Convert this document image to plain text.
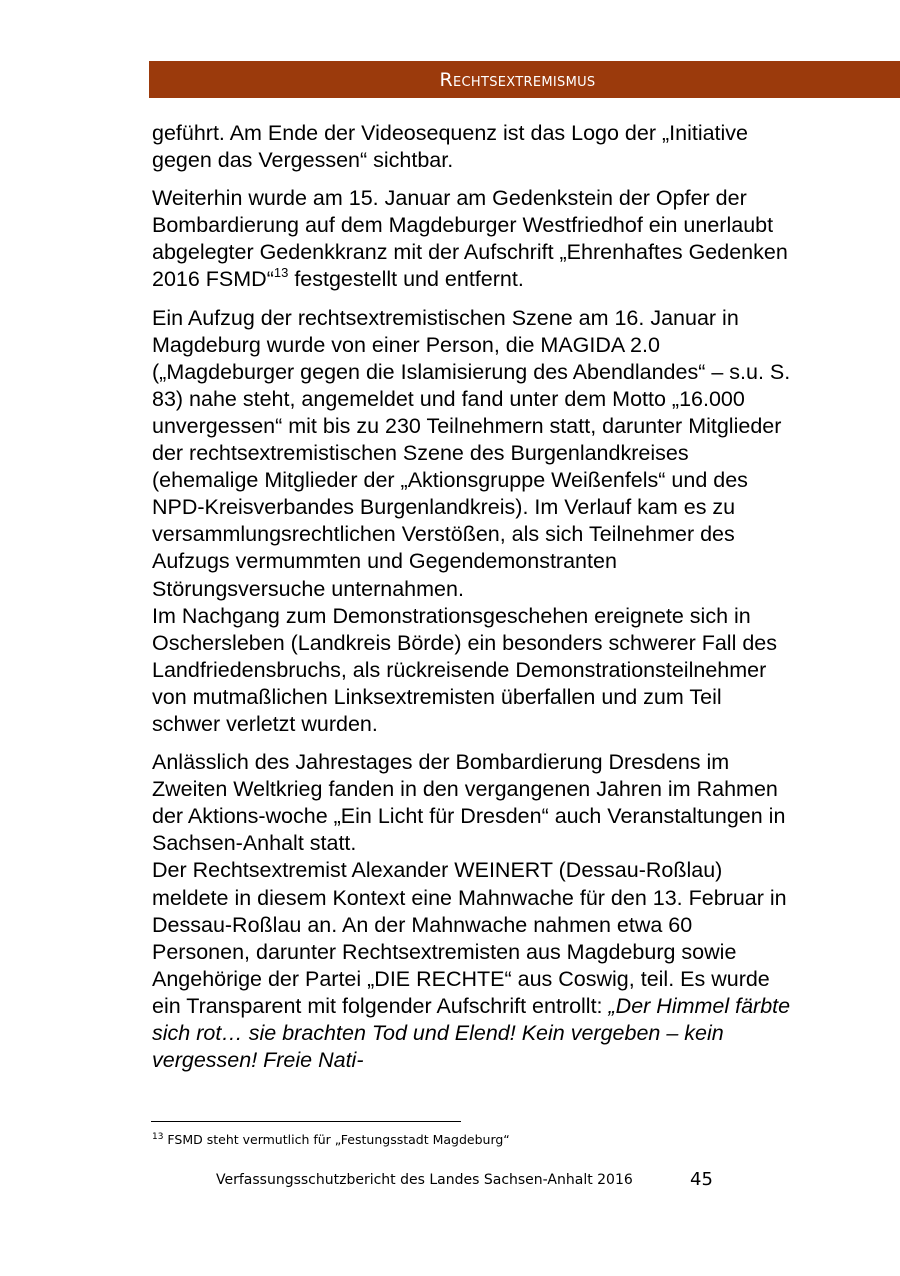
Rechtsextremismus

geführt. Am Ende der Videosequenz ist das Logo der „Initiative gegen das Vergessen“ sichtbar.

Weiterhin wurde am 15. Januar am Gedenkstein der Opfer der Bombardierung auf dem Magdeburger Westfriedhof ein unerlaubt abgelegter Gedenkkranz mit der Aufschrift „Ehrenhaftes Gedenken 2016 FSMD“$^{13}$ festgestellt und entfernt.

Ein Aufzug der rechtsextremistischen Szene am 16. Januar in Magdeburg wurde von einer Person, die MAGIDA 2.0 („Magdeburger gegen die Islamisierung des Abendlandes“ – s.u. S. 83) nahe steht, angemeldet und fand unter dem Motto „16.000 unvergessen“ mit bis zu 230 Teilnehmern statt, darunter Mitglieder der rechtsextremistischen Szene des Burgenlandkreises (ehemalige Mitglieder der „Aktionsgruppe Weißenfels“ und des NPD-Kreisverbandes Burgenlandkreis). Im Verlauf kam es zu versammlungsrechtlichen Verstößen, als sich Teilnehmer des Aufzugs vermummten und Gegendemonstranten Störungsversuche unternahmen.
Im Nachgang zum Demonstrationsgeschehen ereignete sich in Oschersleben (Landkreis Börde) ein besonders schwerer Fall des Landfriedensbruchs, als rückreisende Demonstrationsteilnehmer von mutmaßlichen Linksextremisten überfallen und zum Teil schwer verletzt wurden.

Anlässlich des Jahrestages der Bombardierung Dresdens im Zweiten Weltkrieg fanden in den vergangenen Jahren im Rahmen der Aktions-woche „Ein Licht für Dresden“ auch Veranstaltungen in Sachsen-Anhalt statt.
Der Rechtsextremist Alexander WEINERT (Dessau-Roßlau) meldete in diesem Kontext eine Mahnwache für den 13. Februar in Dessau-Roßlau an. An der Mahnwache nahmen etwa 60 Personen, darunter Rechtsextremisten aus Magdeburg sowie Angehörige der Partei „DIE RECHTE“ aus Coswig, teil. Es wurde ein Transparent mit folgender Aufschrift entrollt: „Der Himmel färbte sich rot… sie brachten Tod und Elend! Kein vergeben – kein vergessen! Freie Nati-

$^{13}$ FSMD steht vermutlich für „Festungsstadt Magdeburg“
Verfassungsschutzbericht des Landes Sachsen-Anhalt 2016	45
